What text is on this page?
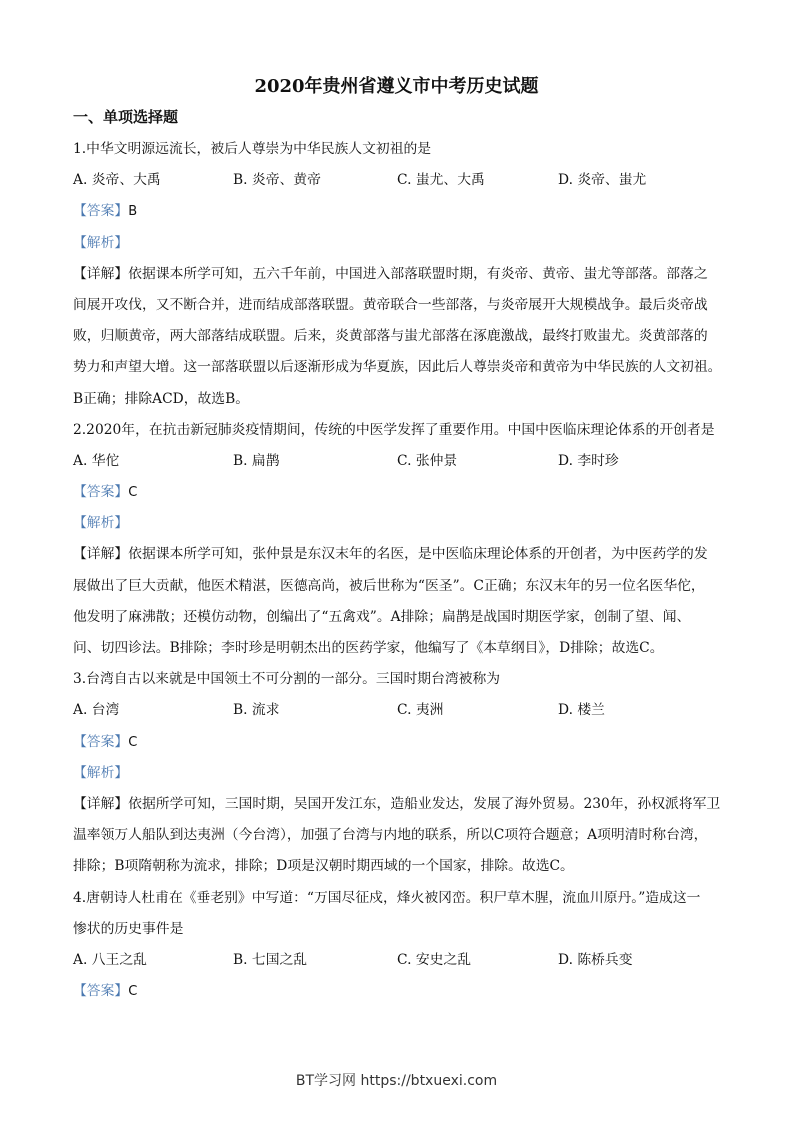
2020年贵州省遵义市中考历史试题
一、单项选择题
1.中华文明源远流长，被后人尊崇为中华民族人文初祖的是
A. 炎帝、大禹	B. 炎帝、黄帝	C. 蚩尤、大禹	D. 炎帝、蚩尤
【答案】B
【解析】
【详解】依据课本所学可知，五六千年前，中国进入部落联盟时期，有炎帝、黄帝、蚩尤等部落。部落之
间展开攻伐，又不断合并，进而结成部落联盟。黄帝联合一些部落，与炎帝展开大规模战争。最后炎帝战
败，归顺黄帝，两大部落结成联盟。后来，炎黄部落与蚩尤部落在涿鹿激战，最终打败蚩尤。炎黄部落的
势力和声望大增。这一部落联盟以后逐渐形成为华夏族，因此后人尊崇炎帝和黄帝为中华民族的人文初祖。
B正确；排除ACD，故选B。
2.2020年，在抗击新冠肺炎疫情期间，传统的中医学发挥了重要作用。中国中医临床理论体系的开创者是
A. 华佗	B. 扁鹊	C. 张仲景	D. 李时珍
【答案】C
【解析】
【详解】依据课本所学可知，张仲景是东汉末年的名医，是中医临床理论体系的开创者，为中医药学的发
展做出了巨大贡献，他医术精湛，医德高尚，被后世称为“医圣”。C正确；东汉末年的另一位名医华佗，
他发明了麻沸散；还模仿动物，创编出了“五禽戏”。A排除；扁鹊是战国时期医学家，创制了望、闻、
问、切四诊法。B排除；李时珍是明朝杰出的医药学家，他编写了《本草纲目》，D排除；故选C。
3.台湾自古以来就是中国领土不可分割的一部分。三国时期台湾被称为
A. 台湾	B. 流求	C. 夷洲	D. 楼兰
【答案】C
【解析】
【详解】依据所学可知，三国时期，吴国开发江东，造船业发达，发展了海外贸易。230年，孙权派将军卫
温率领万人船队到达夷洲（今台湾），加强了台湾与内地的联系，所以C项符合题意；A项明清时称台湾，
排除；B项隋朝称为流求，排除；D项是汉朝时期西域的一个国家，排除。故选C。
4.唐朝诗人杜甫在《垂老别》中写道：“万国尽征戍，烽火被冈峦。积尸草木腥，流血川原丹。”造成这一
惨状的历史事件是
A. 八王之乱	B. 七国之乱	C. 安史之乱	D. 陈桥兵变
【答案】C
BT学习网 https://btxuexi.com
